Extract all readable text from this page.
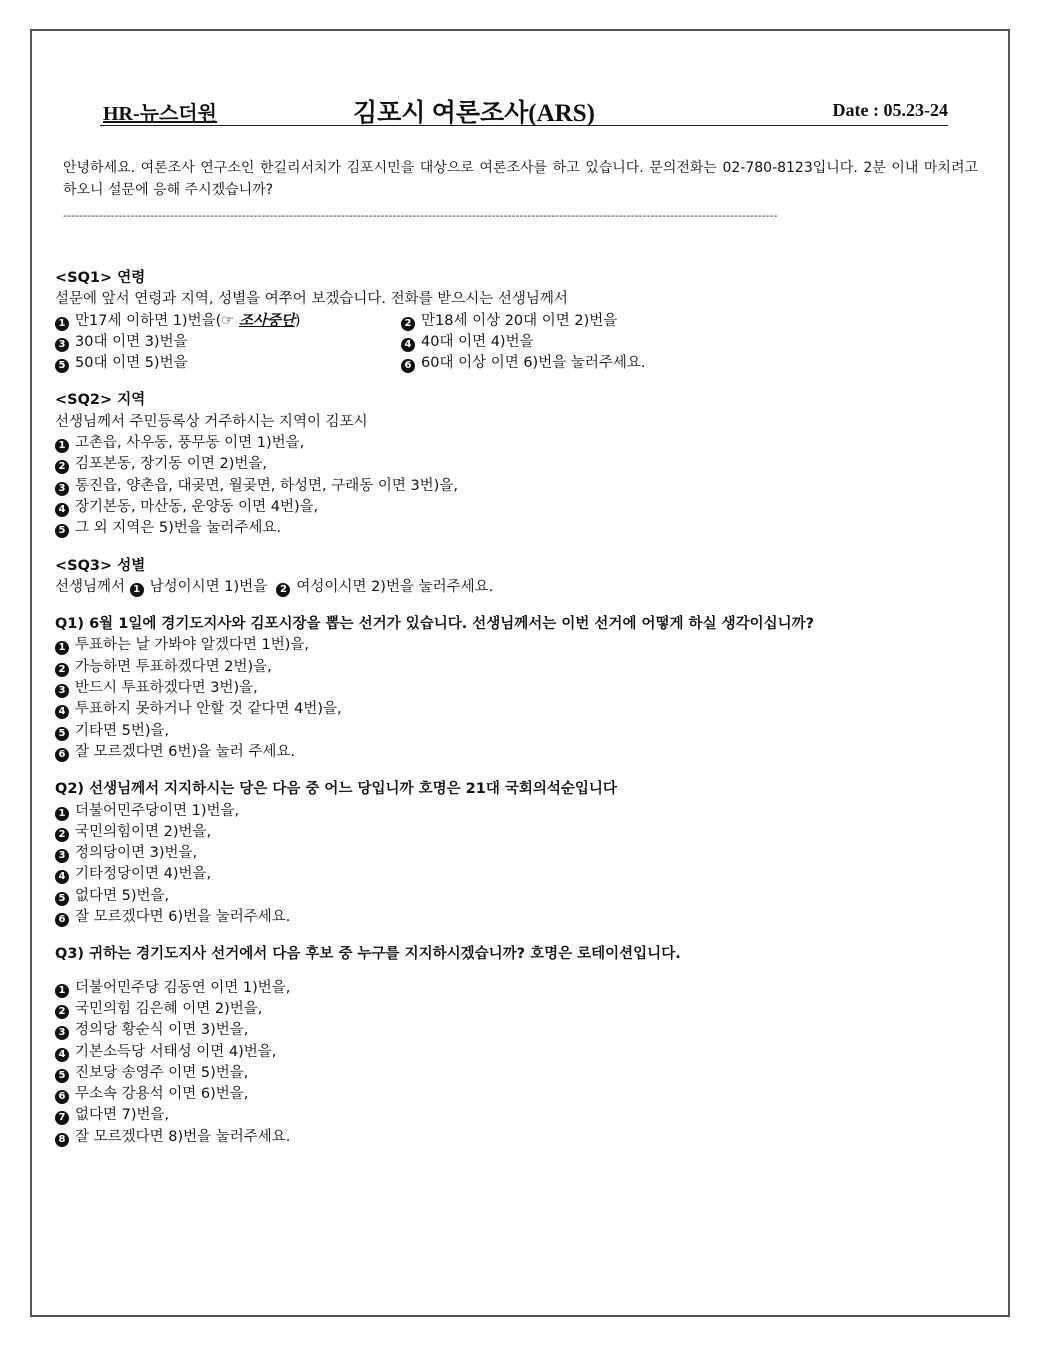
HR-뉴스더원	김포시 여론조사(ARS)	Date : 05.23-24
안녕하세요. 여론조사 연구소인 한길리서치가 김포시민을 대상으로 여론조사를 하고 있습니다. 문의전화는 02-780-8123입니다. 2분 이내 마치려고 하오니 설문에 응해 주시겠습니까?
------------------------------------------------------------------------------------------------------------------------------------------------------------------------------------
<SQ1> 연령
설문에 앞서 연령과 지역, 성별을 여쭈어 보겠습니다. 전화를 받으시는 선생님께서
1 만17세 이하면 1)번을(☞ 조사중단)	2 만18세 이상 20대 이면 2)번을
3 30대 이면 3)번을	4 40대 이면 4)번을
5 50대 이면 5)번을	6 60대 이상 이면 6)번을 눌러주세요.
<SQ2> 지역
선생님께서 주민등록상 거주하시는 지역이 김포시
1 고촌읍, 사우동, 풍무동 이면 1)번을,
2 김포본동, 장기동 이면 2)번을,
3 통진읍, 양촌읍, 대곶면, 월곶면, 하성면, 구래동 이면 3번)을,
4 장기본동, 마산동, 운양동 이면 4번)을,
5 그 외 지역은 5)번을 눌러주세요.
<SQ3> 성별
선생님께서 1 남성이시면 1)번을 2 여성이시면 2)번을 눌러주세요.
Q1) 6월 1일에 경기도지사와 김포시장을 뽑는 선거가 있습니다. 선생님께서는 이번 선거에 어떻게 하실 생각이십니까?
1 투표하는 날 가봐야 알겠다면 1번)을,
2 가능하면 투표하겠다면 2번)을,
3 반드시 투표하겠다면 3번)을,
4 투표하지 못하거나 안할 것 같다면 4번)을,
5 기타면 5번)을,
6 잘 모르겠다면 6번)을 눌러 주세요.
Q2) 선생님께서 지지하시는 당은 다음 중 어느 당입니까 호명은 21대 국회의석순입니다
1 더불어민주당이면 1)번을,
2 국민의힘이면 2)번을,
3 정의당이면 3)번을,
4 기타정당이면 4)번을,
5 없다면 5)번을,
6 잘 모르겠다면 6)번을 눌러주세요.
Q3) 귀하는 경기도지사 선거에서 다음 후보 중 누구를 지지하시겠습니까? 호명은 로테이션입니다.
1 더불어민주당 김동연 이면 1)번을,
2 국민의힘 김은혜 이면 2)번을,
3 정의당 황순식 이면 3)번을,
4 기본소득당 서태성 이면 4)번을,
5 진보당 송영주 이면 5)번을,
6 무소속 강용석 이면 6)번을,
7 없다면 7)번을,
8 잘 모르겠다면 8)번을 눌러주세요.
